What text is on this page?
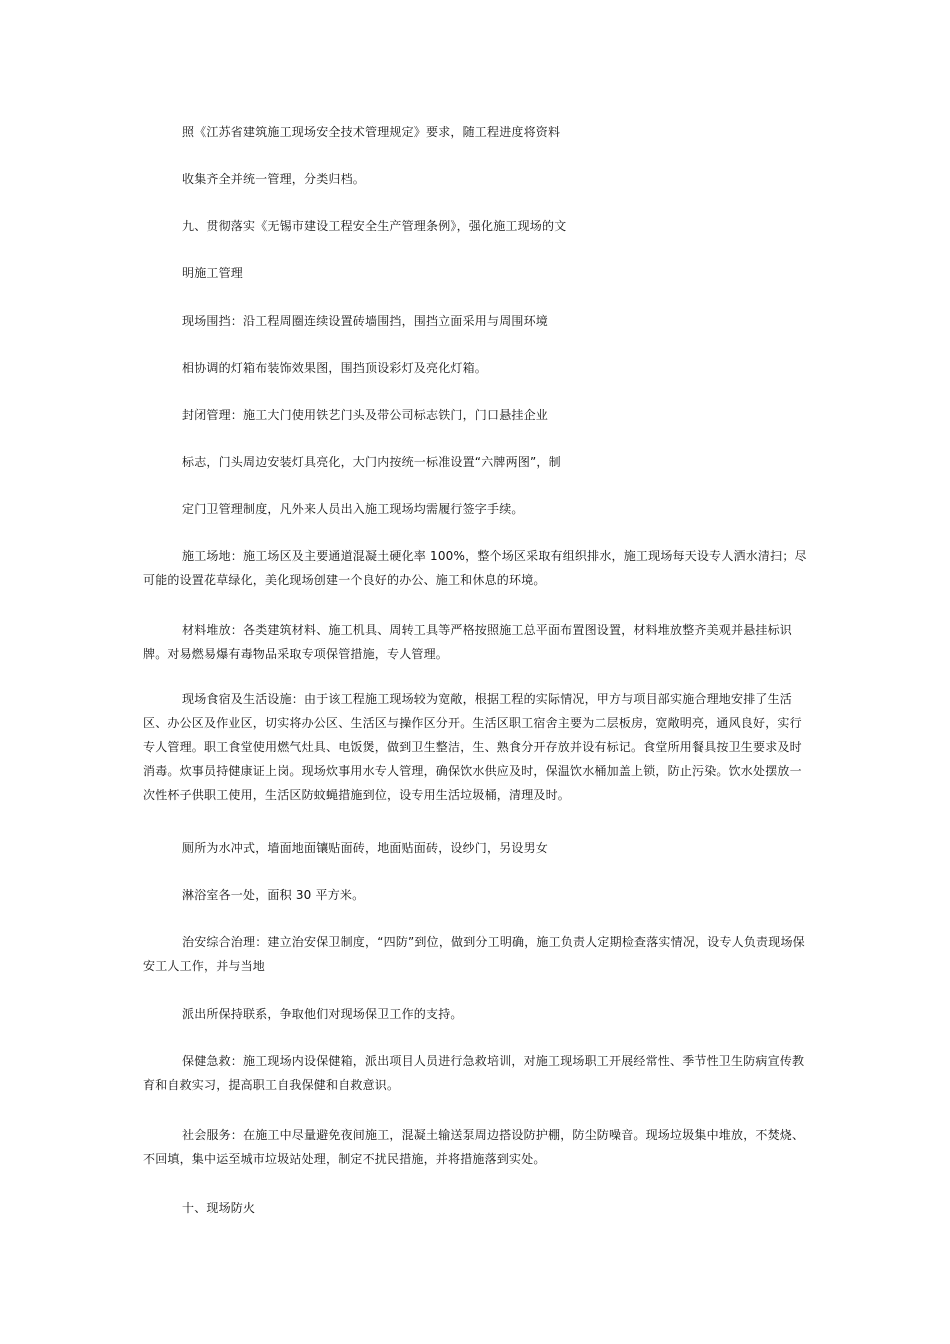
照《江苏省建筑施工现场安全技术管理规定》要求，随工程进度将资料
收集齐全并统一管理，分类归档。
九、贯彻落实《无锡市建设工程安全生产管理条例》，强化施工现场的文
明施工管理
现场围挡：沿工程周圈连续设置砖墙围挡，围挡立面采用与周围环境
相协调的灯箱布装饰效果图，围挡顶设彩灯及亮化灯箱。
封闭管理：施工大门使用铁艺门头及带公司标志铁门，门口悬挂企业
标志，门头周边安装灯具亮化，大门内按统一标准设置“六牌两图”，制
定门卫管理制度，凡外来人员出入施工现场均需履行签字手续。
施工场地：施工场区及主要通道混凝土硬化率 100%，整个场区采取有组织排水，施工现场每天设专人洒水清扫；尽可能的设置花草绿化，美化现场创建一个良好的办公、施工和休息的环境。
材料堆放：各类建筑材料、施工机具、周转工具等严格按照施工总平面布置图设置，材料堆放整齐美观并悬挂标识牌。对易燃易爆有毒物品采取专项保管措施，专人管理。
现场食宿及生活设施：由于该工程施工现场较为宽敞，根据工程的实际情况，甲方与项目部实施合理地安排了生活区、办公区及作业区，切实将办公区、生活区与操作区分开。生活区职工宿舍主要为二层板房，宽敞明亮，通风良好，实行专人管理。职工食堂使用燃气灶具、电饭煲，做到卫生整洁，生、熟食分开存放并设有标记。食堂所用餐具按卫生要求及时消毒。炊事员持健康证上岗。现场炊事用水专人管理，确保饮水供应及时，保温饮水桶加盖上锁，防止污染。饮水处摆放一次性杯子供职工使用，生活区防蚊蝇措施到位，设专用生活垃圾桶，清理及时。
厕所为水冲式，墙面地面镶贴面砖，地面贴面砖，设纱门，另设男女
淋浴室各一处，面积 30 平方米。
治安综合治理：建立治安保卫制度，“四防”到位，做到分工明确，施工负责人定期检查落实情况，设专人负责现场保安工人工作，并与当地
派出所保持联系，争取他们对现场保卫工作的支持。
保健急救：施工现场内设保健箱，派出项目人员进行急救培训，对施工现场职工开展经常性、季节性卫生防病宣传教育和自救实习，提高职工自我保健和自救意识。
社会服务：在施工中尽量避免夜间施工，混凝土输送泵周边搭设防护棚，防尘防噪音。现场垃圾集中堆放，不焚烧、不回填，集中运至城市垃圾站处理，制定不扰民措施，并将措施落到实处。
十、现场防火
